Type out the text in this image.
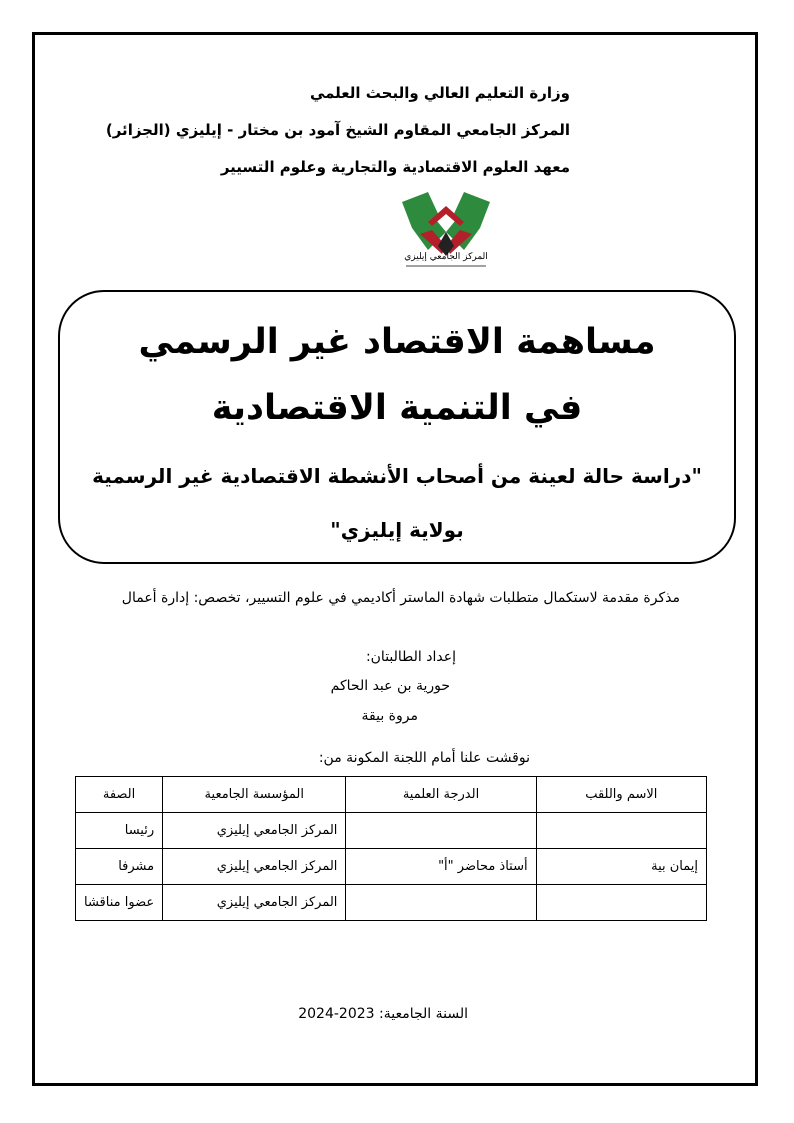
وزارة التعليم العالي والبحث العلمي
المركز الجامعي المقاوم الشيخ آمود بن مختار - إيليزي (الجزائر)
معهد العلوم الاقتصادية والتجارية وعلوم التسيير
المركز الجامعي إيليزي
مساهمة الاقتصاد غير الرسمي
في التنمية الاقتصادية
"دراسة حالة لعينة من أصحاب الأنشطة الاقتصادية غير الرسمية
بولاية إيليزي"
مذكرة مقدمة لاستكمال متطلبات شهادة الماستر أكاديمي في علوم التسيير، تخصص: إدارة أعمال
إعداد الطالبتان:
حورية بن عبد الحاكم
مروة بيقة
نوقشت علنا أمام اللجنة المكونة من:
الاسم واللقب	الدرجة العلمية	المؤسسة الجامعية	الصفة
		المركز الجامعي إيليزي	رئيسا
إيمان بية	أستاذ محاضر "أ"	المركز الجامعي إيليزي	مشرفا
		المركز الجامعي إيليزي	عضوا مناقشا
السنة الجامعية: 2023-2024
